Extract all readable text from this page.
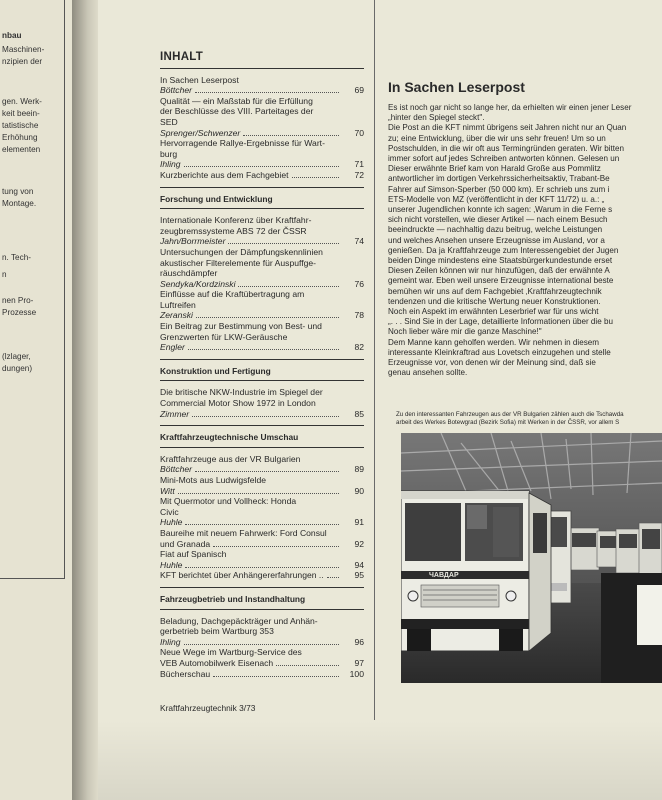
nbau
Maschinen-
nzipien der
gen. Werk-
keit beein-
tatistische
Erhöhung
elementen
tung von
Montage.
n. Tech-
n
nen Pro-
Prozesse
(lzlager,
dungen)
INHALT
In Sachen Leserpost
Böttcher	69
Qualität — ein Maßstab für die Erfüllung
der Beschlüsse des VIII. Parteitages der
SED
Sprenger/Schwenzer	70
Hervorragende Rallye-Ergebnisse für Wart-
burg
Ihling	71
Kurzberichte aus dem Fachgebiet	72
Forschung und Entwicklung
Internationale Konferenz über Kraftfahr-
zeugbremssysteme ABS 72 der ČSSR
Jahn/Borrmeister	74
Untersuchungen der Dämpfungskennlinien
akustischer Filterelemente für Auspuffge-
räuschdämpfer
Sendyka/Kordzinski	76
Einflüsse auf die Kraftübertragung am
Luftreifen
Zeranski	78
Ein Beitrag zur Bestimmung von Best- und
Grenzwerten für LKW-Geräusche
Engler	82
Konstruktion und Fertigung
Die britische NKW-Industrie im Spiegel der
Commercial Motor Show 1972 in London
Zimmer	85
Kraftfahrzeugtechnische Umschau
Kraftfahrzeuge aus der VR Bulgarien
Böttcher	89
Mini-Mots aus Ludwigsfelde
Witt	90
Mit Quermotor und Vollheck: Honda
Civic
Huhle	91
Baureihe mit neuem Fahrwerk: Ford Consul
und Granada	92
Fiat auf Spanisch
Huhle	94
KFT berichtet über Anhängererfahrungen ..	95
Fahrzeugbetrieb und Instandhaltung
Beladung, Dachgepäckträger und Anhän-
gerbetrieb beim Wartburg 353
Ihling	96
Neue Wege im Wartburg-Service des
VEB Automobilwerk Eisenach	97
Bücherschau	100
Kraftfahrzeugtechnik 3/73
In Sachen Leserpost
Es ist noch gar nicht so lange her, da erhielten wir einen jener Leser
„hinter den Spiegel steckt".
Die Post an die KFT nimmt übrigens seit Jahren nicht nur an Quan
zu; eine Entwicklung, über die wir uns sehr freuen! Um so un
Postschulden, in die wir oft aus Termingründen geraten. Wir bitten
immer sofort auf jedes Schreiben antworten können. Gelesen un
Dieser erwähnte Brief kam von Harald Große aus Pommlitz
antwortlicher im dortigen Verkehrssicherheitsaktiv, Trabant-Be
Fahrer auf Simson-Sperber (50 000 km). Er schrieb uns zum i
ETS-Modelle von MZ (veröffentlicht in der KFT 11/72) u. a.: „
unserer Jugendlichen konnte ich sagen: ‚Warum in die Ferne s
sich nicht vorstellen, wie dieser Artikel — nach einem Besuch
beeindruckte — nachhaltig dazu beitrug, welche Leistungen
und welches Ansehen unsere Erzeugnisse im Ausland, vor a
genießen. Da ja Kraftfahrzeuge zum Interessengebiet der Jugen
beiden Dinge mindestens eine Staatsbürgerkundestunde erset
Diesen Zeilen können wir nur hinzufügen, daß der erwähnte A
gemeint war. Eben weil unsere Erzeugnisse international beste
bemühen wir uns auf dem Fachgebiet ‚Kraftfahrzeugtechnik
tendenzen und die kritische Wertung neuer Konstruktionen.
Noch ein Aspekt im erwähnten Leserbrief war für uns wicht
„. . . Sind Sie in der Lage, detaillierte Informationen über die bu
Noch lieber wäre mir die ganze Maschine!"
Dem Manne kann geholfen werden. Wir nehmen in diesem
interessante Kleinkraftrad aus Lovetsch einzugehen und stelle
Erzeugnisse vor, von denen wir der Meinung sind, daß sie
genau ansehen sollte.
Zu den interessanten Fahrzeugen aus der VR Bulgarien zählen auch die Tschawda
arbeit des Werkes Botewgrad (Bezirk Sofia) mit Werken in der ČSSR, vor allem S
ЧАВДАР
